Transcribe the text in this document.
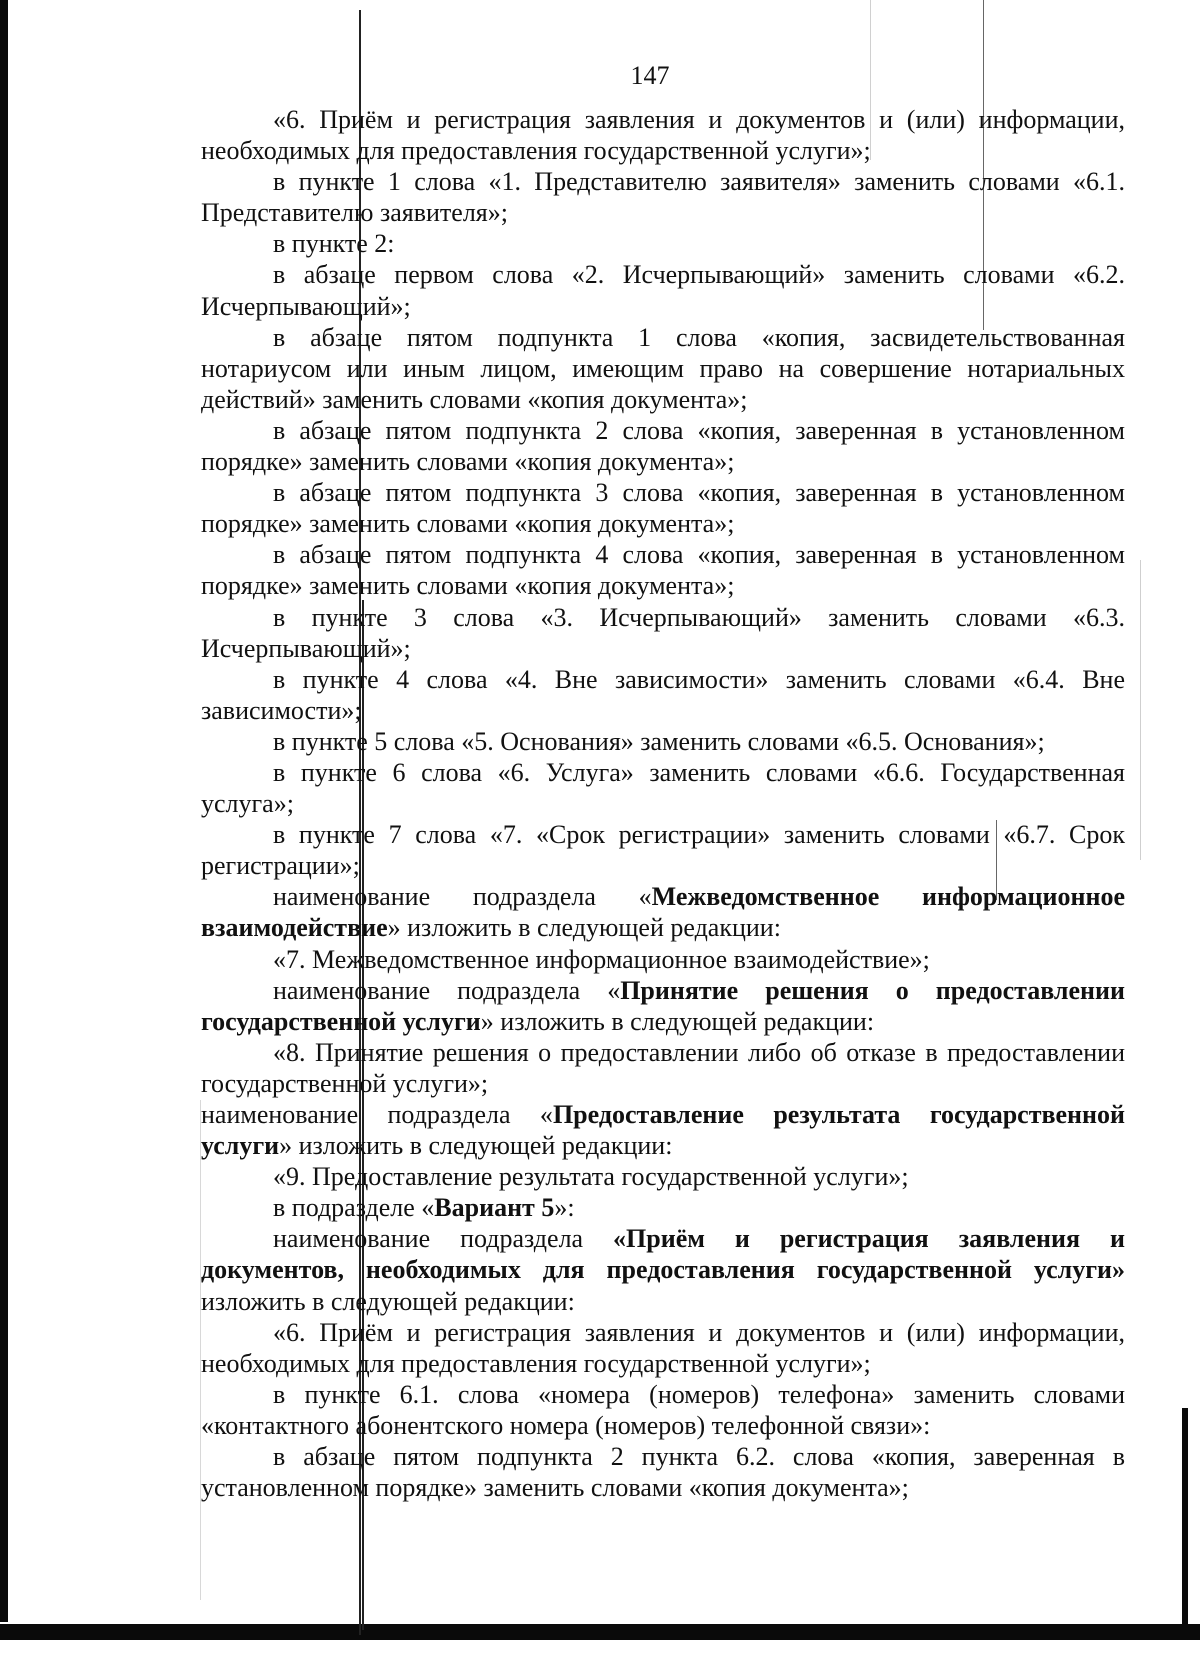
147

«6. Приём и регистрация заявления и документов и (или) информации, необходимых для предоставления государственной услуги»;

в пункте 1 слова «1. Представителю заявителя» заменить словами «6.1. Представителю заявителя»;

в пункте 2:

в абзаце первом слова «2. Исчерпывающий» заменить словами «6.2. Исчерпывающий»;

в абзаце пятом подпункта 1 слова «копия, засвидетельствованная нотариусом или иным лицом, имеющим право на совершение нотариальных действий» заменить словами «копия документа»;

в абзаце пятом подпункта 2 слова «копия, заверенная в установленном порядке» заменить словами «копия документа»;

в абзаце пятом подпункта 3 слова «копия, заверенная в установленном порядке» заменить словами «копия документа»;

в абзаце пятом подпункта 4 слова «копия, заверенная в установленном порядке» заменить словами «копия документа»;

в пункте 3 слова «3. Исчерпывающий» заменить словами «6.3. Исчерпывающий»;

в пункте 4 слова «4. Вне зависимости» заменить словами «6.4. Вне зависимости»;

в пункте 5 слова «5. Основания» заменить словами «6.5. Основания»;

в пункте 6 слова «6. Услуга» заменить словами «6.6. Государственная услуга»;

в пункте 7 слова «7. «Срок регистрации» заменить словами «6.7. Срок регистрации»;

наименование подраздела «Межведомственное информационное взаимодействие» изложить в следующей редакции:

«7. Межведомственное информационное взаимодействие»;

наименование подраздела «Принятие решения о предоставлении государственной услуги» изложить в следующей редакции:

«8. Принятие решения о предоставлении либо об отказе в предоставлении государственной услуги»;

наименование подраздела «Предоставление результата государственной услуги» изложить в следующей редакции:

«9. Предоставление результата государственной услуги»;

в подразделе «Вариант 5»:

наименование подраздела «Приём и регистрация заявления и документов, необходимых для предоставления государственной услуги» изложить в следующей редакции:

«6. Приём и регистрация заявления и документов и (или) информации, необходимых для предоставления государственной услуги»;

в пункте 6.1. слова «номера (номеров) телефона» заменить словами «контактного абонентского номера (номеров) телефонной связи»:

в абзаце пятом подпункта 2 пункта 6.2. слова «копия, заверенная в установленном порядке» заменить словами «копия документа»;
